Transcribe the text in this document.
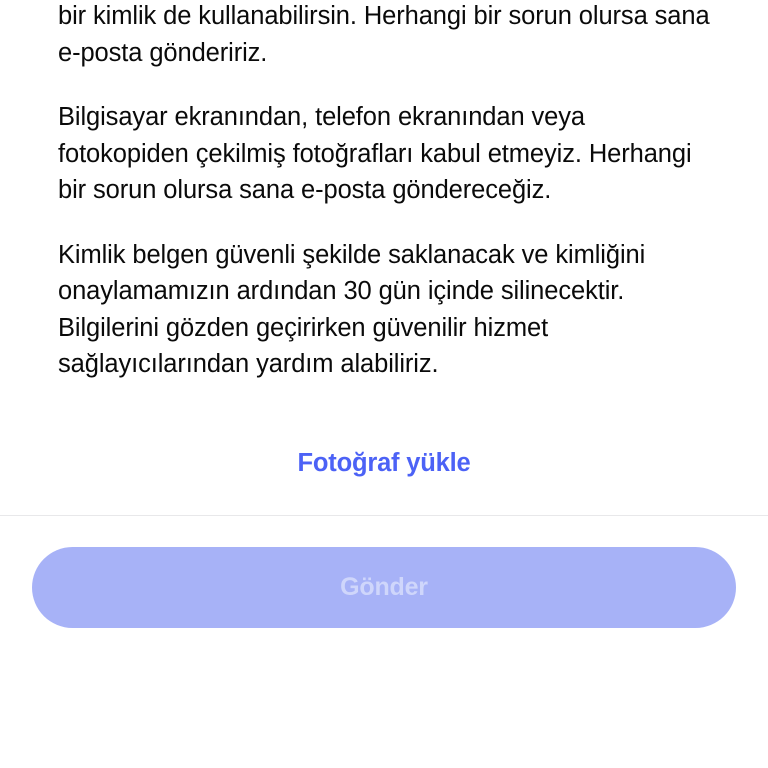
bir kimlik de kullanabilirsin. Herhangi bir sorun olursa sana e-posta göndeririz.

Bilgisayar ekranından, telefon ekranından veya fotokopiden çekilmiş fotoğrafları kabul etmeyiz. Herhangi bir sorun olursa sana e-posta göndereceğiz.

Kimlik belgen güvenli şekilde saklanacak ve kimliğini onaylamamızın ardından 30 gün içinde silinecektir. Bilgilerini gözden geçirirken güvenilir hizmet sağlayıcılarından yardım alabiliriz.

Fotoğraf yükle
Gönder
